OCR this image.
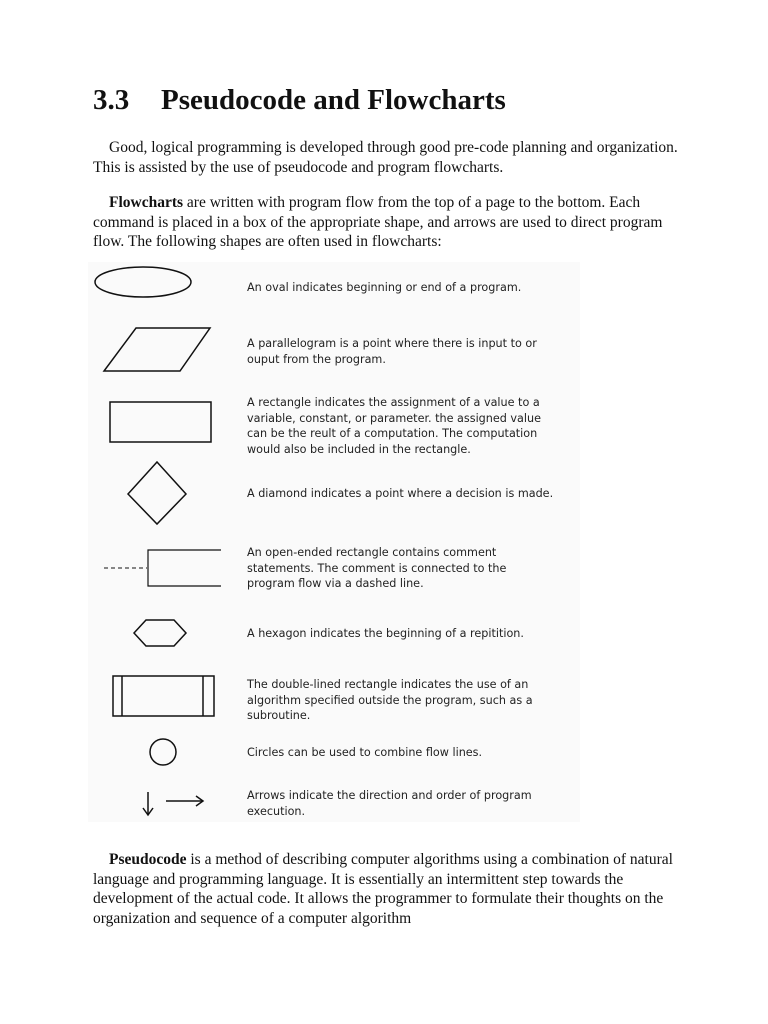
3.3 Pseudocode and Flowcharts

Good, logical programming is developed through good pre-code planning and organization. This is assisted by the use of pseudocode and program flowcharts.

Flowcharts are written with program flow from the top of a page to the bottom. Each command is placed in a box of the appropriate shape, and arrows are used to direct program flow. The following shapes are often used in flowcharts:

An oval indicates beginning or end of a program.
A parallelogram is a point where there is input to or
ouput from the program.
A rectangle indicates the assignment of a value to a
variable, constant, or parameter. the assigned value
can be the reult of a computation. The computation
would also be included in the rectangle.
A diamond indicates a point where a decision is made.
An open-ended rectangle contains comment
statements. The comment is connected to the
program flow via a dashed line.
A hexagon indicates the beginning of a repitition.
The double-lined rectangle indicates the use of an
algorithm specified outside the program, such as a
subroutine.
Circles can be used to combine flow lines.
Arrows indicate the direction and order of program
execution.

Pseudocode is a method of describing computer algorithms using a combination of natural language and programming language. It is essentially an intermittent step towards the development of the actual code. It allows the programmer to formulate their thoughts on the organization and sequence of a computer algorithm
